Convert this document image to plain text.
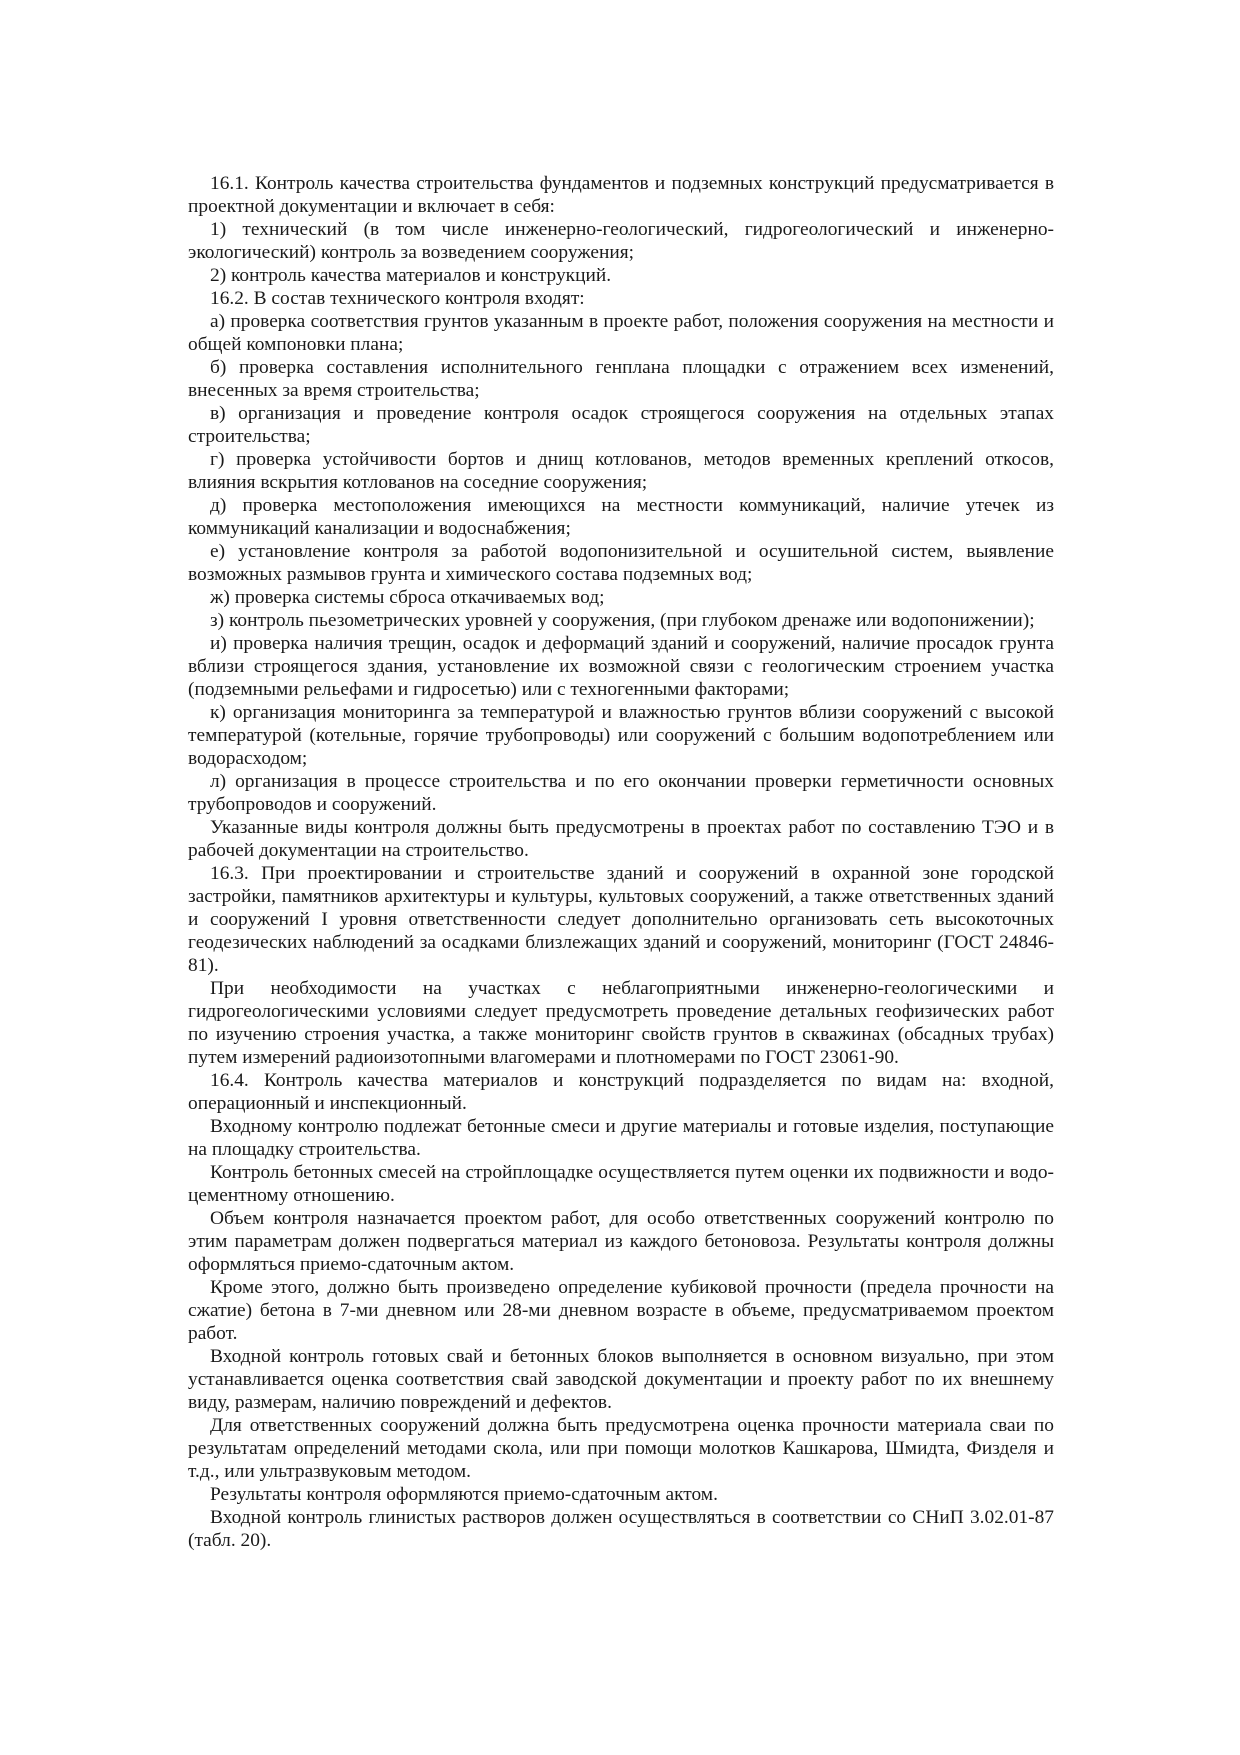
16.1. Контроль качества строительства фундаментов и подземных конструкций предусматривается в проектной документации и включает в себя:

1) технический (в том числе инженерно-геологический, гидрогеологический и инженерно-экологический) контроль за возведением сооружения;

2) контроль качества материалов и конструкций.

16.2. В состав технического контроля входят:

а) проверка соответствия грунтов указанным в проекте работ, положения сооружения на местности и общей компоновки плана;

б) проверка составления исполнительного генплана площадки с отражением всех изменений, внесенных за время строительства;

в) организация и проведение контроля осадок строящегося сооружения на отдельных этапах строительства;

г) проверка устойчивости бортов и днищ котлованов, методов временных креплений откосов, влияния вскрытия котлованов на соседние сооружения;

д) проверка местоположения имеющихся на местности коммуникаций, наличие утечек из коммуникаций канализации и водоснабжения;

е) установление контроля за работой водопонизительной и осушительной систем, выявление возможных размывов грунта и химического состава подземных вод;

ж) проверка системы сброса откачиваемых вод;

з) контроль пьезометрических уровней у сооружения, (при глубоком дренаже или водопонижении);

и) проверка наличия трещин, осадок и деформаций зданий и сооружений, наличие просадок грунта вблизи строящегося здания, установление их возможной связи с геологическим строением участка (подземными рельефами и гидросетью) или с техногенными факторами;

к) организация мониторинга за температурой и влажностью грунтов вблизи сооружений с высокой температурой (котельные, горячие трубопроводы) или сооружений с большим водопотреблением или водорасходом;

л) организация в процессе строительства и по его окончании проверки герметичности основных трубопроводов и сооружений.

Указанные виды контроля должны быть предусмотрены в проектах работ по составлению ТЭО и в рабочей документации на строительство.

16.3. При проектировании и строительстве зданий и сооружений в охранной зоне городской застройки, памятников архитектуры и культуры, культовых сооружений, а также ответственных зданий и сооружений I уровня ответственности следует дополнительно организовать сеть высокоточных геодезических наблюдений за осадками близлежащих зданий и сооружений, мониторинг (ГОСТ 24846-81).

При необходимости на участках с неблагоприятными инженерно-геологическими и гидрогеологическими условиями следует предусмотреть проведение детальных геофизических работ по изучению строения участка, а также мониторинг свойств грунтов в скважинах (обсадных трубах) путем измерений радиоизотопными влагомерами и плотномерами по ГОСТ 23061-90.

16.4. Контроль качества материалов и конструкций подразделяется по видам на: входной, операционный и инспекционный.

Входному контролю подлежат бетонные смеси и другие материалы и готовые изделия, поступающие на площадку строительства.

Контроль бетонных смесей на стройплощадке осуществляется путем оценки их подвижности и водо-цементному отношению.

Объем контроля назначается проектом работ, для особо ответственных сооружений контролю по этим параметрам должен подвергаться материал из каждого бетоновоза. Результаты контроля должны оформляться приемо-сдаточным актом.

Кроме этого, должно быть произведено определение кубиковой прочности (предела прочности на сжатие) бетона в 7-ми дневном или 28-ми дневном возрасте в объеме, предусматриваемом проектом работ.

Входной контроль готовых свай и бетонных блоков выполняется в основном визуально, при этом устанавливается оценка соответствия свай заводской документации и проекту работ по их внешнему виду, размерам, наличию повреждений и дефектов.

Для ответственных сооружений должна быть предусмотрена оценка прочности материала сваи по результатам определений методами скола, или при помощи молотков Кашкарова, Шмидта, Физделя и т.д., или ультразвуковым методом.

Результаты контроля оформляются приемо-сдаточным актом.

Входной контроль глинистых растворов должен осуществляться в соответствии со СНиП 3.02.01-87 (табл. 20).
